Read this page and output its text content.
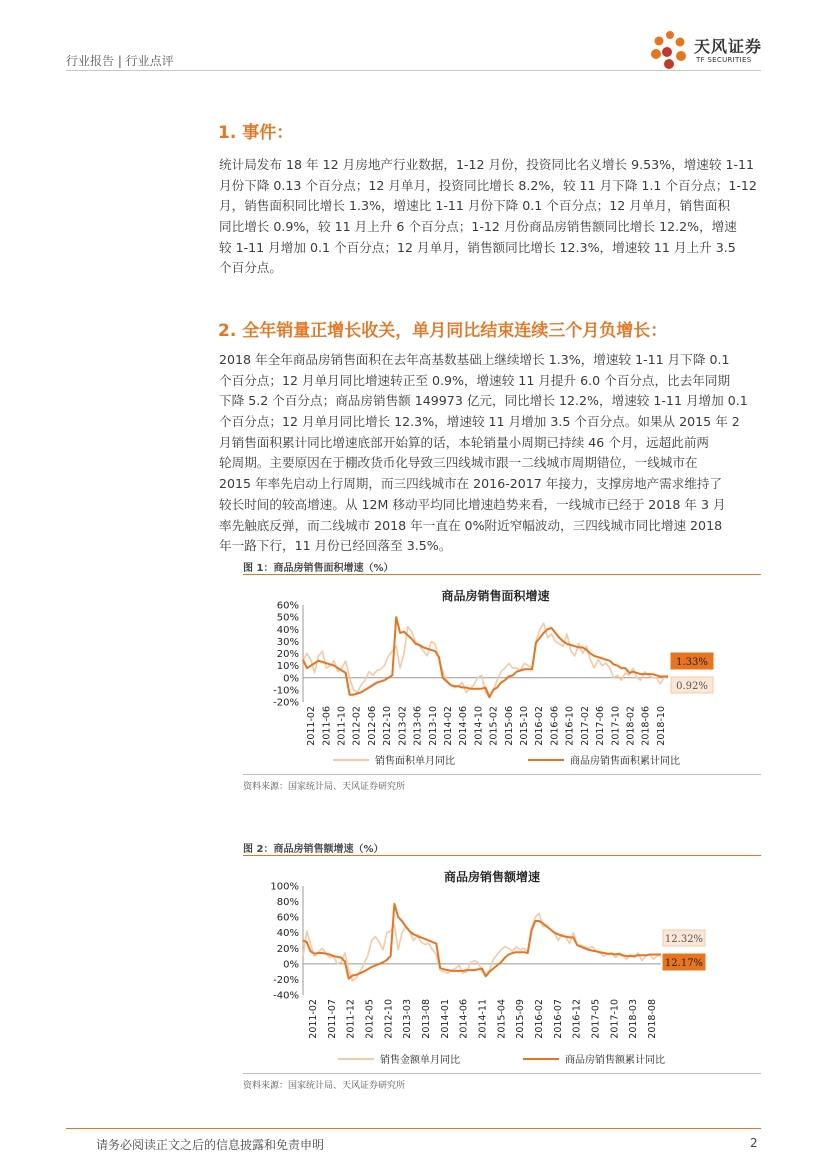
行业报告 | 行业点评
天风证券
TF SECURITIES
1. 事件：
统计局发布 18 年 12 月房地产行业数据，1-12 月份，投资同比名义增长 9.53%，增速较 1-11
月份下降 0.13 个百分点；12 月单月，投资同比增长 8.2%，较 11 月下降 1.1 个百分点；1-12
月，销售面积同比增长 1.3%，增速比 1-11 月份下降 0.1 个百分点；12 月单月，销售面积
同比增长 0.9%，较 11 月上升 6 个百分点；1-12 月份商品房销售额同比增长 12.2%，增速
较 1-11 月增加 0.1 个百分点；12 月单月，销售额同比增长 12.3%，增速较 11 月上升 3.5
个百分点。
2. 全年销量正增长收关，单月同比结束连续三个月负增长：
2018 年全年商品房销售面积在去年高基数基础上继续增长 1.3%，增速较 1-11 月下降 0.1
个百分点；12 月单月同比增速转正至 0.9%，增速较 11 月提升 6.0 个百分点，比去年同期
下降 5.2 个百分点；商品房销售额 149973 亿元，同比增长 12.2%，增速较 1-11 月增加 0.1
个百分点；12 月单月同比增长 12.3%，增速较 11 月增加 3.5 个百分点。如果从 2015 年 2
月销售面积累计同比增速底部开始算的话，本轮销量小周期已持续 46 个月，远超此前两
轮周期。主要原因在于棚改货币化导致三四线城市跟一二线城市周期错位，一线城市在
2015 年率先启动上行周期，而三四线城市在 2016-2017 年接力，支撑房地产需求维持了
较长时间的较高增速。从 12M 移动平均同比增速趋势来看，一线城市已经于 2018 年 3 月
率先触底反弹，而二线城市 2018 年一直在 0%附近窄幅波动，三四线城市同比增速 2018
年一路下行，11 月份已经回落至 3.5%。
图 1：商品房销售面积增速（%）
商品房销售面积增速
60%
50%
40%
30%
20%
10%
0%
-10%
-20%
2011-02 2011-06 2011-10 2012-02 2012-06 2012-10 2013-02 2013-06 2013-10 2014-02 2014-06 2014-10 2015-02 2015-06 2015-10 2016-02 2016-06 2016-10 2017-02 2017-06 2017-10 2018-02 2018-06 2018-10
1.33%
0.92%
销售面积单月同比	商品房销售面积累计同比
资料来源：国家统计局、天风证券研究所
图 2：商品房销售额增速（%）
商品房销售额增速
100%
80%
60%
40%
20%
0%
-20%
-40%
2011-02 2011-07 2011-12 2012-05 2012-10 2013-03 2013-08 2014-01 2014-06 2014-11 2015-04 2015-09 2016-02 2016-07 2016-12 2017-05 2017-10 2018-03 2018-08
12.32%
12.17%
销售金额单月同比	商品房销售额累计同比
资料来源：国家统计局、天风证券研究所
请务必阅读正文之后的信息披露和免责申明	2
